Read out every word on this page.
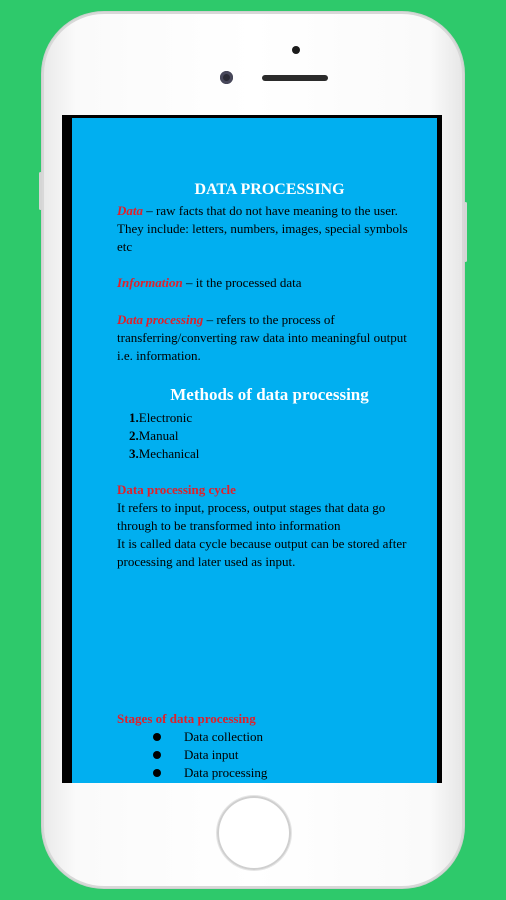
DATA PROCESSING
Data – raw facts that do not have meaning to the user. They include: letters, numbers, images, special symbols etc
Information – it the processed data
Data processing – refers to the process of transferring/converting raw data into meaningful output i.e. information.
Methods of data processing
1.Electronic
2.Manual
3.Mechanical
Data processing cycle
It refers to input, process, output stages that data go through to be transformed into information
It is called data cycle because output can be stored after processing and later used as input.
Stages of data processing
Data collection
Data input
Data processing
